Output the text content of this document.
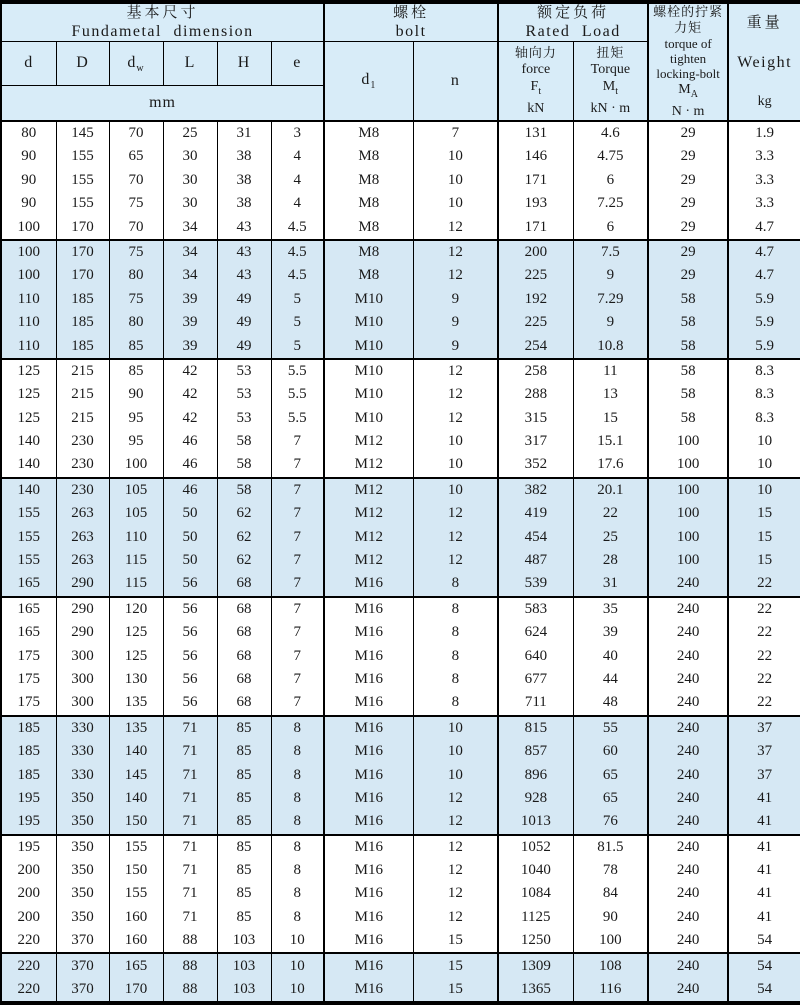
基本尺寸
Fundametal dimension

螺栓
bolt

额定负荷
Rated Load

螺栓的拧紧力矩
torque of tighten locking-bolt
$M_A$
N · m

重量
Weight
kg

d	D	$d_w$	L	H	e	$d_1$	n	
轴向力
force
$F_t$
kN

扭矩
Torque
$M_t$
kN · m

mm											
80	145	70	25	31	3	M8	7	131	4.6	29	1.9
90	155	65	30	38	4	M8	10	146	4.75	29	3.3
90	155	70	30	38	4	M8	10	171	6	29	3.3
90	155	75	30	38	4	M8	10	193	7.25	29	3.3
100	170	70	34	43	4.5	M8	12	171	6	29	4.7
100	170	75	34	43	4.5	M8	12	200	7.5	29	4.7
100	170	80	34	43	4.5	M8	12	225	9	29	4.7
110	185	75	39	49	5	M10	9	192	7.29	58	5.9
110	185	80	39	49	5	M10	9	225	9	58	5.9
110	185	85	39	49	5	M10	9	254	10.8	58	5.9
125	215	85	42	53	5.5	M10	12	258	11	58	8.3
125	215	90	42	53	5.5	M10	12	288	13	58	8.3
125	215	95	42	53	5.5	M10	12	315	15	58	8.3
140	230	95	46	58	7	M12	10	317	15.1	100	10
140	230	100	46	58	7	M12	10	352	17.6	100	10
140	230	105	46	58	7	M12	10	382	20.1	100	10
155	263	105	50	62	7	M12	12	419	22	100	15
155	263	110	50	62	7	M12	12	454	25	100	15
155	263	115	50	62	7	M12	12	487	28	100	15
165	290	115	56	68	7	M16	8	539	31	240	22
165	290	120	56	68	7	M16	8	583	35	240	22
165	290	125	56	68	7	M16	8	624	39	240	22
175	300	125	56	68	7	M16	8	640	40	240	22
175	300	130	56	68	7	M16	8	677	44	240	22
175	300	135	56	68	7	M16	8	711	48	240	22
185	330	135	71	85	8	M16	10	815	55	240	37
185	330	140	71	85	8	M16	10	857	60	240	37
185	330	145	71	85	8	M16	10	896	65	240	37
195	350	140	71	85	8	M16	12	928	65	240	41
195	350	150	71	85	8	M16	12	1013	76	240	41
195	350	155	71	85	8	M16	12	1052	81.5	240	41
200	350	150	71	85	8	M16	12	1040	78	240	41
200	350	155	71	85	8	M16	12	1084	84	240	41
200	350	160	71	85	8	M16	12	1125	90	240	41
220	370	160	88	103	10	M16	15	1250	100	240	54
220	370	165	88	103	10	M16	15	1309	108	240	54
220	370	170	88	103	10	M16	15	1365	116	240	54
